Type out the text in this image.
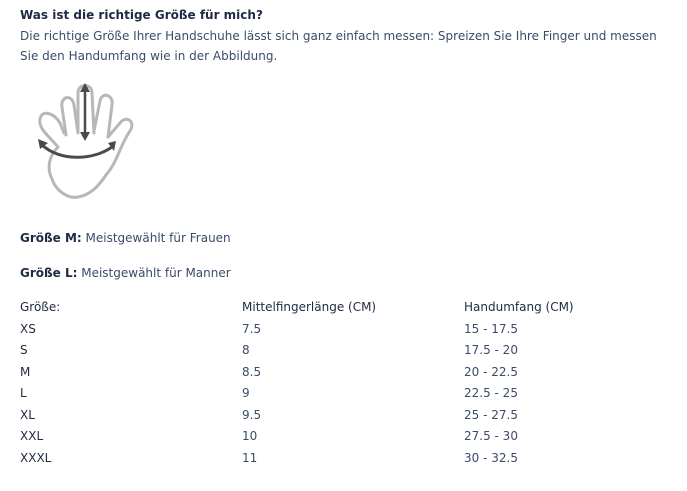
Was ist die richtige Größe für mich?
Die richtige Größe Ihrer Handschuhe lässt sich ganz einfach messen: Spreizen Sie Ihre Finger und messen Sie den Handumfang wie in der Abbildung.
Größe M: Meistgewählt für Frauen
Größe L: Meistgewählt für Manner
Größe:	Mittelfingerlänge (CM)	Handumfang (CM)
XS	7.5	15 - 17.5
S	8	17.5 - 20
M	8.5	20 - 22.5
L	9	22.5 - 25
XL	9.5	25 - 27.5
XXL	10	27.5 - 30
XXXL	11	30 - 32.5
